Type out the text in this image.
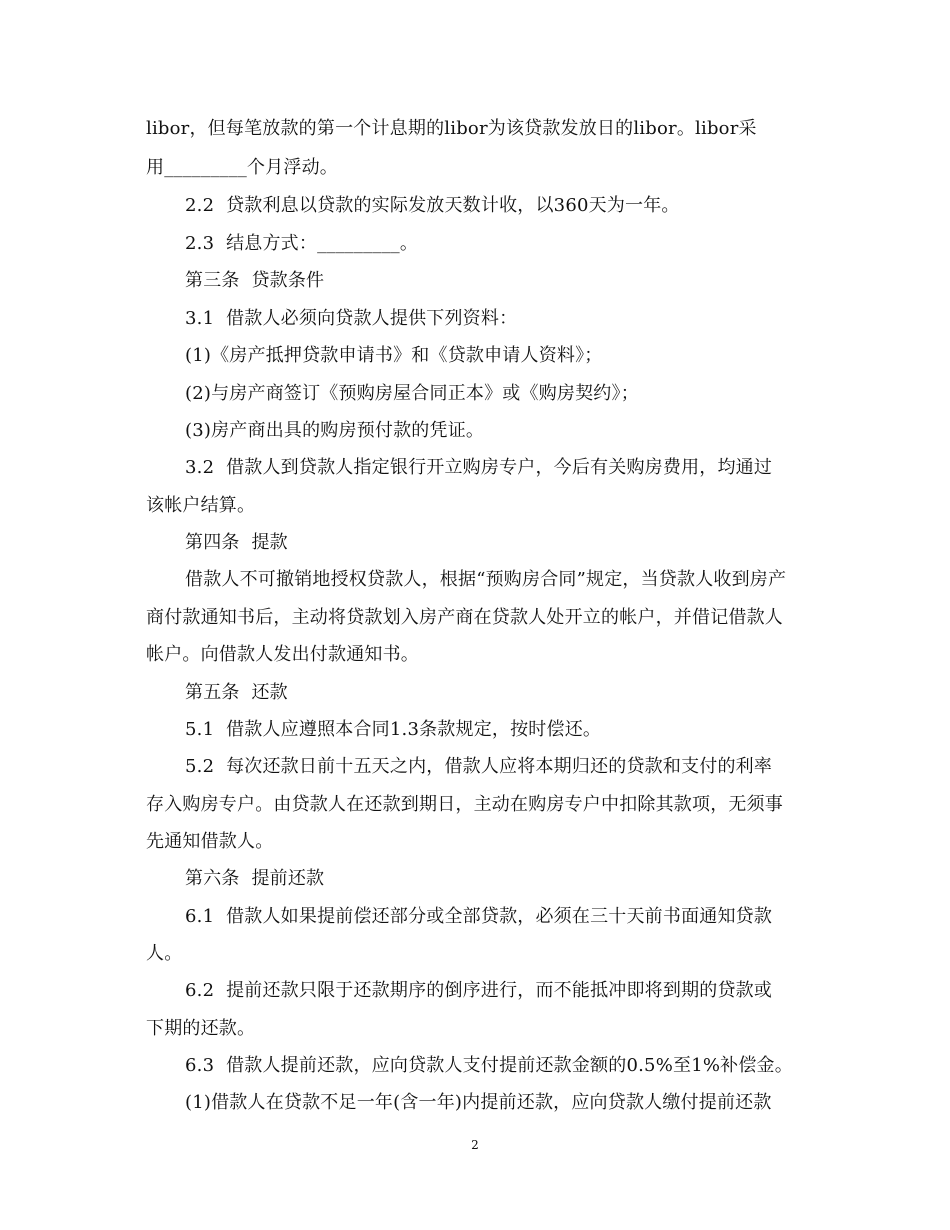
libor，但每笔放款的第一个计息期的libor为该贷款发放日的libor。libor采
用_________个月浮动。
2.2  贷款利息以贷款的实际发放天数计收，以360天为一年。
2.3  结息方式：_________。
第三条  贷款条件
3.1  借款人必须向贷款人提供下列资料：
(1)《房产抵押贷款申请书》和《贷款申请人资料》；
(2)与房产商签订《预购房屋合同正本》或《购房契约》；
(3)房产商出具的购房预付款的凭证。
3.2  借款人到贷款人指定银行开立购房专户，今后有关购房费用，均通过
该帐户结算。
第四条  提款
借款人不可撤销地授权贷款人，根据“预购房合同”规定，当贷款人收到房产
商付款通知书后，主动将贷款划入房产商在贷款人处开立的帐户，并借记借款人
帐户。向借款人发出付款通知书。
第五条  还款
5.1  借款人应遵照本合同1.3条款规定，按时偿还。
5.2  每次还款日前十五天之内，借款人应将本期归还的贷款和支付的利率
存入购房专户。由贷款人在还款到期日，主动在购房专户中扣除其款项，无须事
先通知借款人。
第六条  提前还款
6.1  借款人如果提前偿还部分或全部贷款，必须在三十天前书面通知贷款
人。
6.2  提前还款只限于还款期序的倒序进行，而不能抵冲即将到期的贷款或
下期的还款。
6.3  借款人提前还款，应向贷款人支付提前还款金额的0.5%至1%补偿金。
(1)借款人在贷款不足一年(含一年)内提前还款，应向贷款人缴付提前还款
2
